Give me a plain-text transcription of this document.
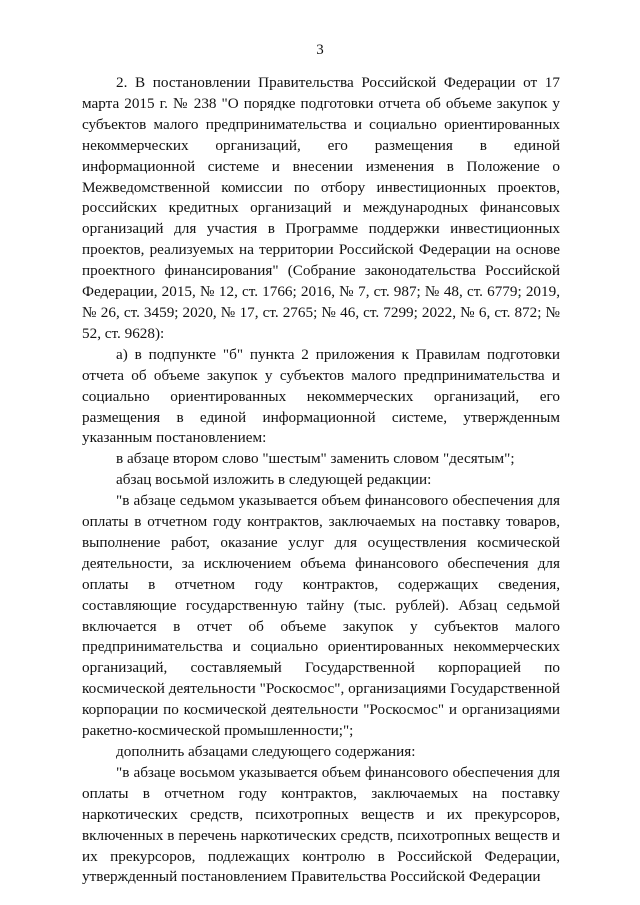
3

2. В постановлении Правительства Российской Федерации от 17 марта 2015 г. № 238 "О порядке подготовки отчета об объеме закупок у субъектов малого предпринимательства и социально ориентированных некоммерческих организаций, его размещения в единой информационной системе и внесении изменения в Положение о Межведомственной комиссии по отбору инвестиционных проектов, российских кредитных организаций и международных финансовых организаций для участия в Программе поддержки инвестиционных проектов, реализуемых на территории Российской Федерации на основе проектного финансирования" (Собрание законодательства Российской Федерации, 2015, № 12, ст. 1766; 2016, № 7, ст. 987; № 48, ст. 6779; 2019, № 26, ст. 3459; 2020, № 17, ст. 2765; № 46, ст. 7299; 2022, № 6, ст. 872; № 52, ст. 9628):

а) в подпункте "б" пункта 2 приложения к Правилам подготовки отчета об объеме закупок у субъектов малого предпринимательства и социально ориентированных некоммерческих организаций, его размещения в единой информационной системе, утвержденным указанным постановлением:

в абзаце втором слово "шестым" заменить словом "десятым";

абзац восьмой изложить в следующей редакции:

"в абзаце седьмом указывается объем финансового обеспечения для оплаты в отчетном году контрактов, заключаемых на поставку товаров, выполнение работ, оказание услуг для осуществления космической деятельности, за исключением объема финансового обеспечения для оплаты в отчетном году контрактов, содержащих сведения, составляющие государственную тайну (тыс. рублей). Абзац седьмой включается в отчет об объеме закупок у субъектов малого предпринимательства и социально ориентированных некоммерческих организаций, составляемый Государственной корпорацией по космической деятельности "Роскосмос", организациями Государственной корпорации по космической деятельности "Роскосмос" и организациями ракетно-космической промышленности;";

дополнить абзацами следующего содержания:

"в абзаце восьмом указывается объем финансового обеспечения для оплаты в отчетном году контрактов, заключаемых на поставку наркотических средств, психотропных веществ и их прекурсоров, включенных в перечень наркотических средств, психотропных веществ и их прекурсоров, подлежащих контролю в Российской Федерации, утвержденный постановлением Правительства Российской Федерации
